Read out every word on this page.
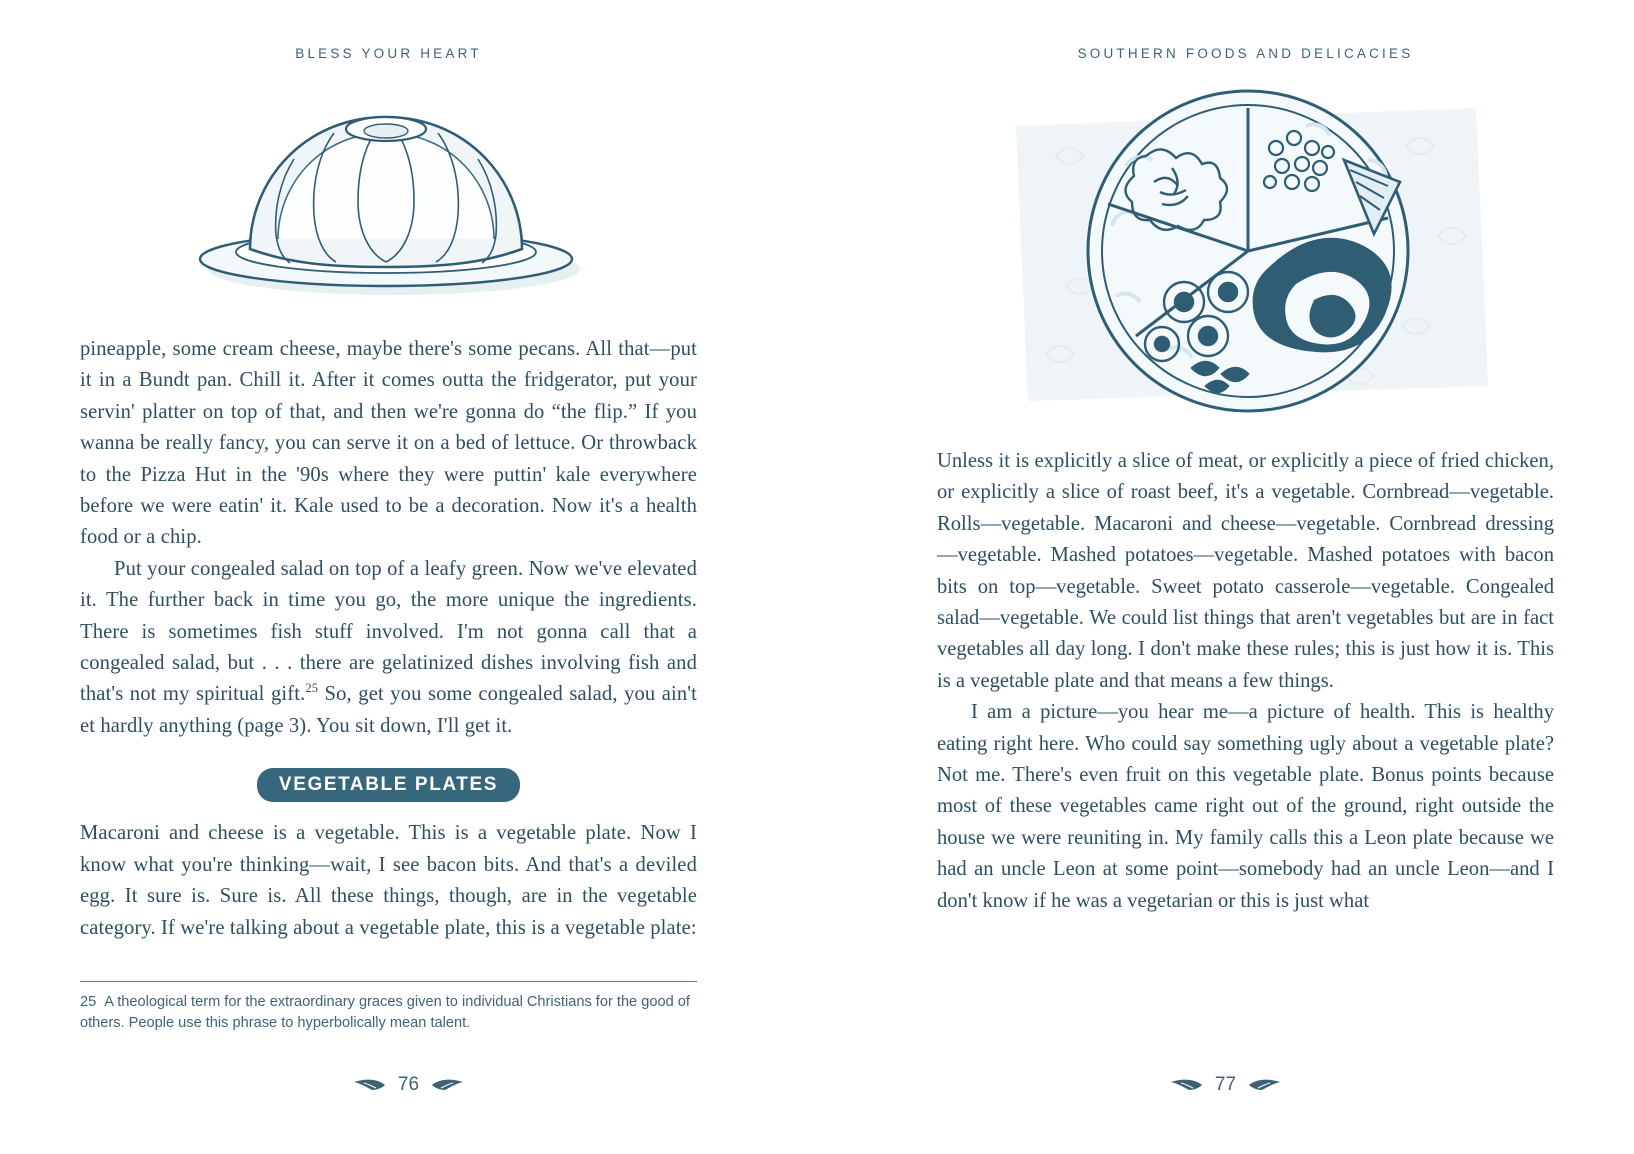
BLESS YOUR HEART

pineapple, some cream cheese, maybe there's some pecans. All that—put it in a Bundt pan. Chill it. After it comes outta the fridgerator, put your servin' platter on top of that, and then we're gonna do “the flip.” If you wanna be really fancy, you can serve it on a bed of lettuce. Or throwback to the Pizza Hut in the '90s where they were puttin' kale everywhere before we were eatin' it. Kale used to be a decoration. Now it's a health food or a chip.

Put your congealed salad on top of a leafy green. Now we've elevated it. The further back in time you go, the more unique the ingredients. There is sometimes fish stuff involved. I'm not gonna call that a congealed salad, but . . . there are gelatinized dishes involving fish and that's not my spiritual gift.$^{25}$ So, get you some congealed salad, you ain't et hardly anything (page 3). You sit down, I'll get it.

VEGETABLE PLATES

Macaroni and cheese is a vegetable. This is a vegetable plate. Now I know what you're thinking—wait, I see bacon bits. And that's a deviled egg. It sure is. Sure is. All these things, though, are in the vegetable category. If we're talking about a vegetable plate, this is a vegetable plate:

25 A theological term for the extraordinary graces given to individual Christians for the good of others. People use this phrase to hyperbolically mean talent.
76
SOUTHERN FOODS AND DELICACIES

Unless it is explicitly a slice of meat, or explicitly a piece of fried chicken, or explicitly a slice of roast beef, it's a vegetable. Cornbread—vegetable. Rolls—vegetable. Macaroni and cheese—vegetable. Cornbread dressing—vegetable. Mashed potatoes—vegetable. Mashed potatoes with bacon bits on top—vegetable. Sweet potato casserole—vegetable. Congealed salad—vegetable. We could list things that aren't vegetables but are in fact vegetables all day long. I don't make these rules; this is just how it is. This is a vegetable plate and that means a few things.

I am a picture—you hear me—a picture of health. This is healthy eating right here. Who could say something ugly about a vegetable plate? Not me. There's even fruit on this vegetable plate. Bonus points because most of these vegetables came right out of the ground, right outside the house we were reuniting in. My family calls this a Leon plate because we had an uncle Leon at some point—somebody had an uncle Leon—and I don't know if he was a vegetarian or this is just what

77
